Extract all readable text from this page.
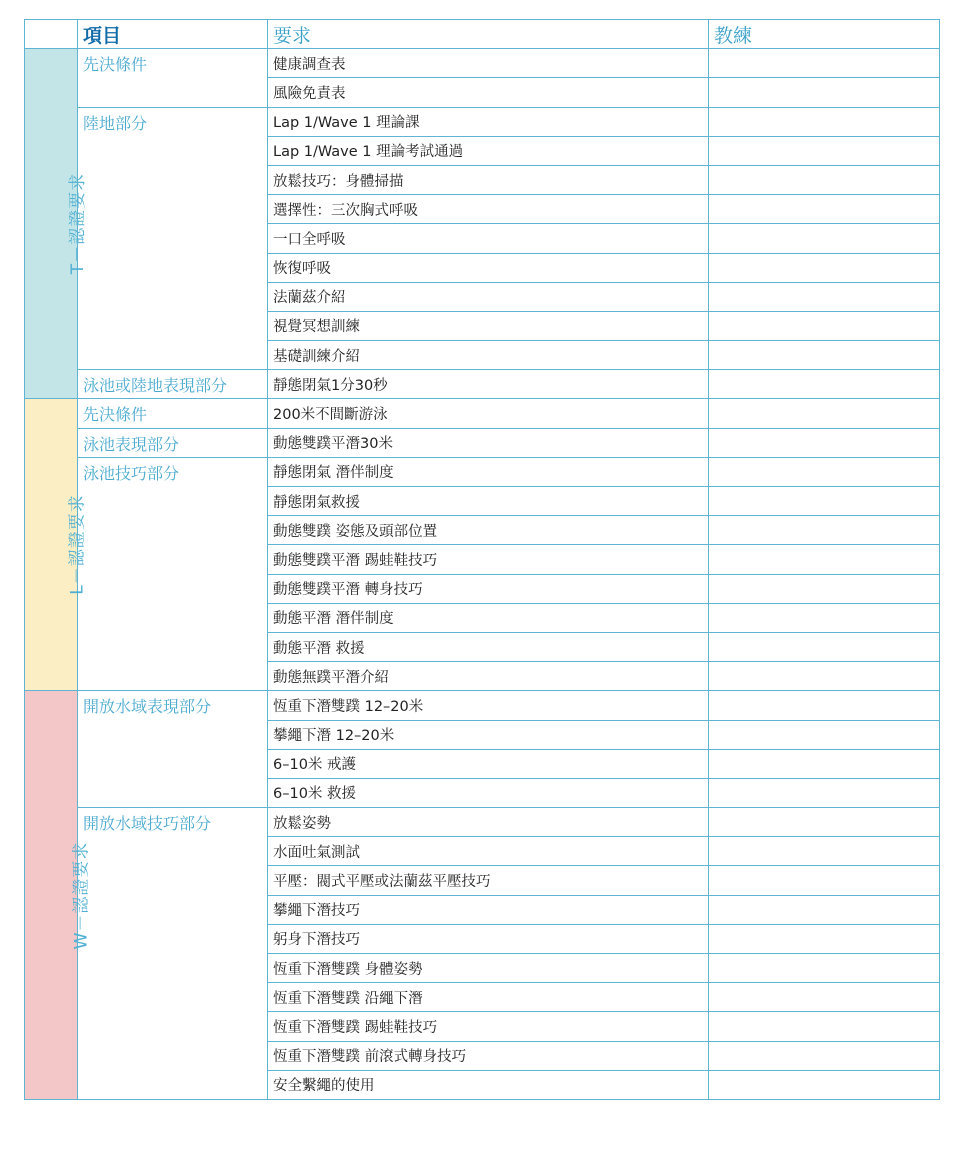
	項目	要求	教練
T－認證要求	先決條件	健康調查表	
		風險免責表	
	陸地部分	Lap 1/Wave 1 理論課	
		Lap 1/Wave 1 理論考試通過	
		放鬆技巧：身體掃描	
		選擇性：三次胸式呼吸	
		一口全呼吸	
		恢復呼吸	
		法蘭茲介紹	
		視覺冥想訓練	
		基礎訓練介紹	
	泳池或陸地表現部分	靜態閉氣1分30秒	
L－認證要求	先決條件	200米不間斷游泳	
	泳池表現部分	動態雙蹼平潛30米	
	泳池技巧部分	靜態閉氣 潛伴制度	
		靜態閉氣救援	
		動態雙蹼 姿態及頭部位置	
		動態雙蹼平潛 踢蛙鞋技巧	
		動態雙蹼平潛 轉身技巧	
		動態平潛 潛伴制度	
		動態平潛 救援	
		動態無蹼平潛介紹	
W－認證要求	開放水域表現部分	恆重下潛雙蹼 12–20米	
		攀繩下潛 12–20米	
		6–10米 戒護	
		6–10米 救援	
	開放水域技巧部分	放鬆姿勢	
		水面吐氣測試	
		平壓：閥式平壓或法蘭茲平壓技巧	
		攀繩下潛技巧	
		躬身下潛技巧	
		恆重下潛雙蹼 身體姿勢	
		恆重下潛雙蹼 沿繩下潛	
		恆重下潛雙蹼 踢蛙鞋技巧	
		恆重下潛雙蹼 前滾式轉身技巧	
		安全繫繩的使用	
